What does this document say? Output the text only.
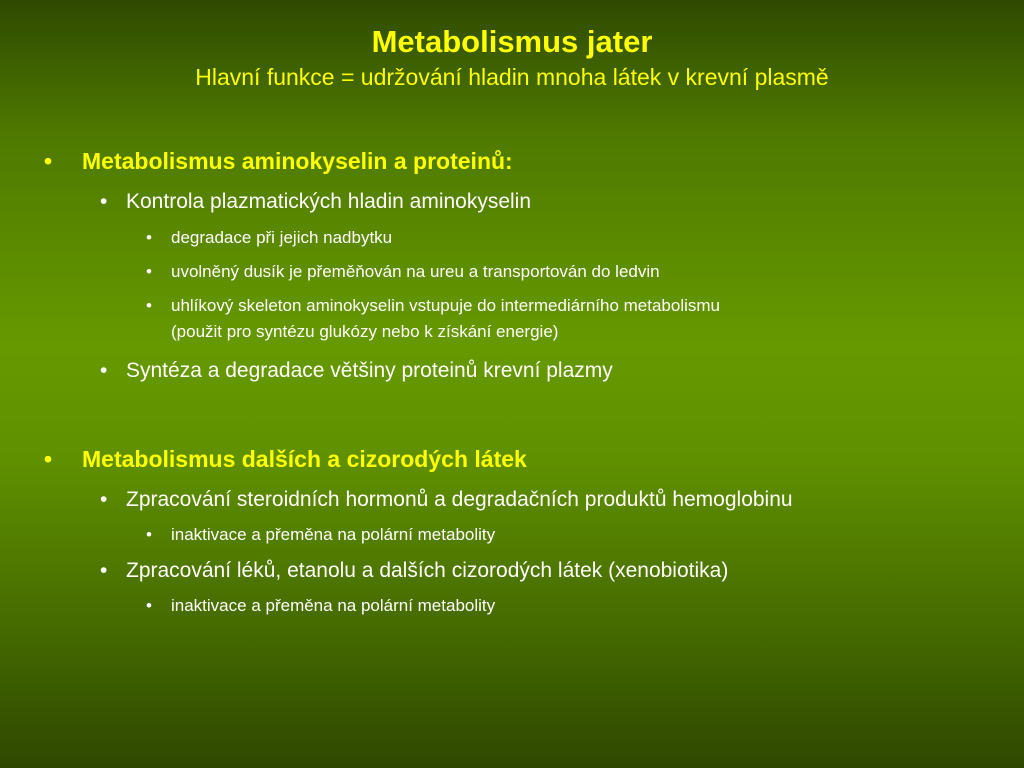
Metabolismus jater
Hlavní funkce = udržování hladin mnoha látek v krevní plasmě
• Metabolismus aminokyselin a proteinů:
• Kontrola plazmatických hladin aminokyselin
• degradace při jejich nadbytku
• uvolněný dusík je přeměňován na ureu a transportován do ledvin
• uhlíkový skeleton aminokyselin vstupuje do intermediárního metabolismu
(použit pro syntézu glukózy nebo k získání energie)
• Syntéza a degradace většiny proteinů krevní plazmy
• Metabolismus dalších a cizorodých látek
• Zpracování steroidních hormonů a degradačních produktů hemoglobinu
• inaktivace a přeměna na polární metabolity
• Zpracování léků, etanolu a dalších cizorodých látek (xenobiotika)
• inaktivace a přeměna na polární metabolity
